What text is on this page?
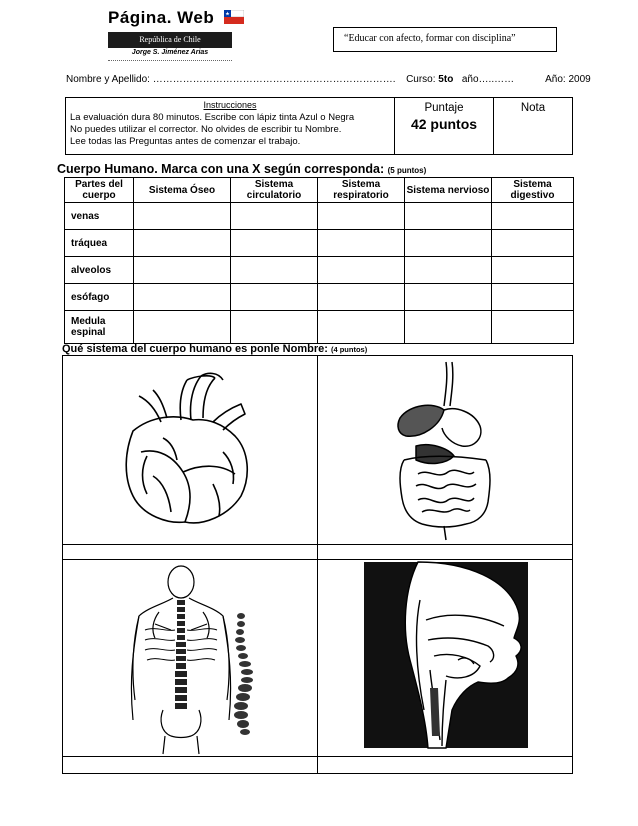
Página. Web
República de Chile
Jorge S. Jiménez Arias
“Educar con afecto, formar con disciplina”
Nombre y Apellido: ………………………………………………………………. Curso: 5to año…..……	Año: 2009
Instrucciones
La evaluación dura 80 minutos. Escribe con lápiz tinta Azul o Negra
No puedes utilizar el corrector. No olvides de escribir tu Nombre.
Lee todas las Preguntas antes de comenzar el trabajo.

Puntaje
42 puntos

Nota
Cuerpo Humano. Marca con una X según corresponda: (5 puntos)
Partes del cuerpo	Sistema Óseo	Sistema circulatorio	Sistema respiratorio	Sistema nervioso	Sistema digestivo
venas					
tráquea					
alveolos					
esófago					
Medula espinal					
Qué sistema del cuerpo humano es ponle Nombre: (4 puntos)
